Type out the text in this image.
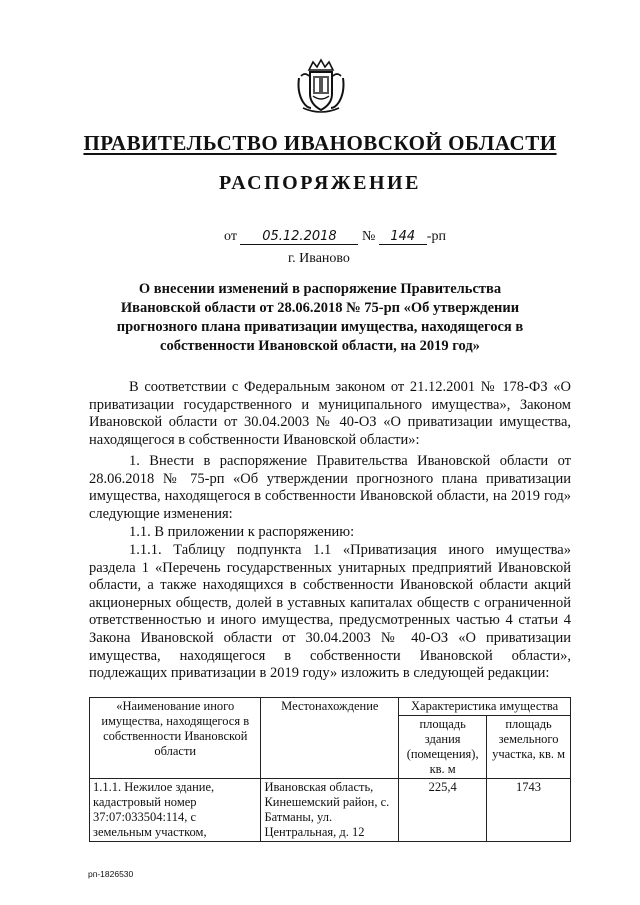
ПРАВИТЕЛЬСТВО ИВАНОВСКОЙ ОБЛАСТИ
РАСПОРЯЖЕНИЕ
от 05.12.2018 № 144 -рп
г. Иваново
О внесении изменений в распоряжение Правительства Ивановской области от 28.06.2018 № 75-рп «Об утверждении прогнозного плана приватизации имущества, находящегося в собственности Ивановской области, на 2019 год»
В соответствии с Федеральным законом от 21.12.2001 № 178-ФЗ «О приватизации государственного и муниципального имущества», Законом Ивановской области от 30.04.2003 № 40-ОЗ «О приватизации имущества, находящегося в собственности Ивановской области»:
1. Внести в распоряжение Правительства Ивановской области от 28.06.2018 № 75-рп «Об утверждении прогнозного плана приватизации имущества, находящегося в собственности Ивановской области, на 2019 год» следующие изменения:
1.1. В приложении к распоряжению:
1.1.1. Таблицу подпункта 1.1 «Приватизация иного имущества» раздела 1 «Перечень государственных унитарных предприятий Ивановской области, а также находящихся в собственности Ивановской области акций акционерных обществ, долей в уставных капиталах обществ с ограниченной ответственностью и иного имущества, предусмотренных частью 4 статьи 4 Закона Ивановской области от 30.04.2003 № 40-ОЗ «О приватизации имущества, находящегося в собственности Ивановской области», подлежащих приватизации в 2019 году» изложить в следующей редакции:
«Наименование иного имущества, находящегося в собственности Ивановской области	Местонахождение	Характеристика имущества	
		площадь здания (помещения), кв. м	площадь земельного участка, кв. м
1.1.1. Нежилое здание, кадастровый номер 37:07:033504:114, с земельным участком,	Ивановская область, Кинешемский район, с. Батманы, ул. Центральная, д. 12	225,4	1743
рп-1826530
